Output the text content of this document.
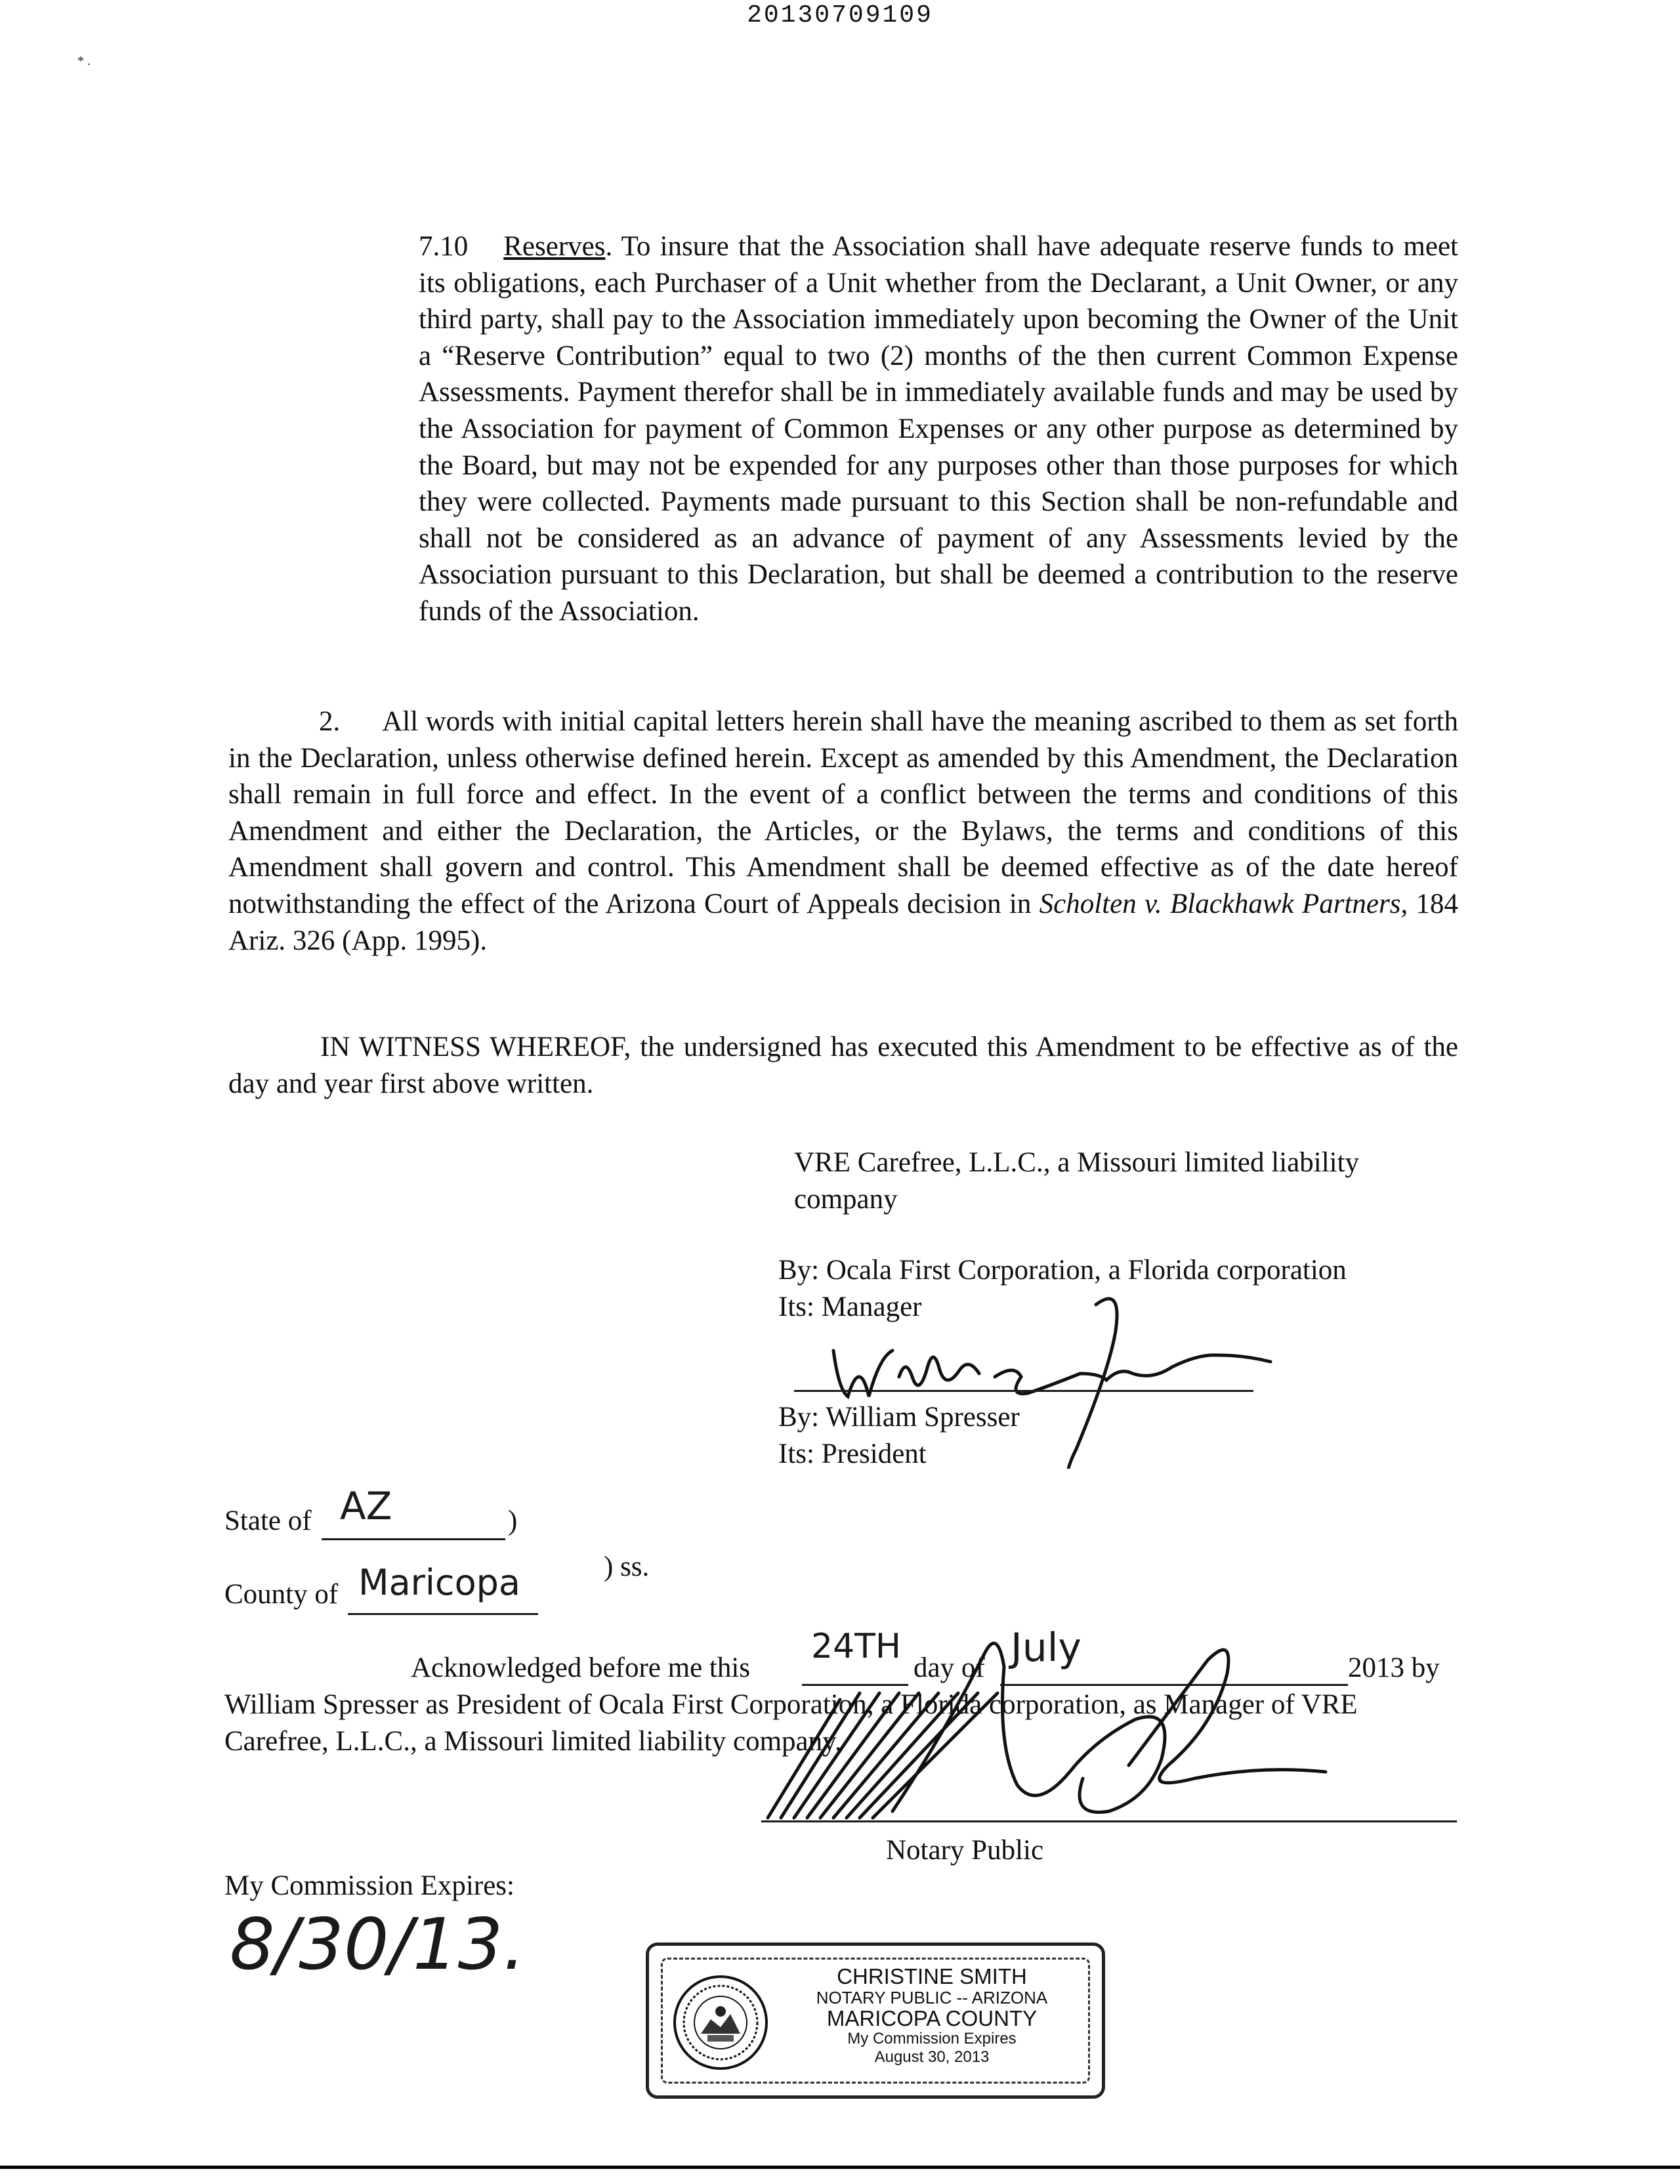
20130709109
* .
7.10 Reserves. To insure that the Association shall have adequate reserve funds to meet its obligations, each Purchaser of a Unit whether from the Declarant, a Unit Owner, or any third party, shall pay to the Association immediately upon becoming the Owner of the Unit a “Reserve Contribution” equal to two (2) months of the then current Common Expense Assessments. Payment therefor shall be in immediately available funds and may be used by the Association for payment of Common Expenses or any other purpose as determined by the Board, but may not be expended for any purposes other than those purposes for which they were collected. Payments made pursuant to this Section shall be non-refundable and shall not be considered as an advance of payment of any Assessments levied by the Association pursuant to this Declaration, but shall be deemed a contribution to the reserve funds of the Association.
2. All words with initial capital letters herein shall have the meaning ascribed to them as set forth in the Declaration, unless otherwise defined herein. Except as amended by this Amendment, the Declaration shall remain in full force and effect. In the event of a conflict between the terms and conditions of this Amendment and either the Declaration, the Articles, or the Bylaws, the terms and conditions of this Amendment shall govern and control. This Amendment shall be deemed effective as of the date hereof notwithstanding the effect of the Arizona Court of Appeals decision in Scholten v. Blackhawk Partners, 184 Ariz. 326 (App. 1995).
IN WITNESS WHEREOF, the undersigned has executed this Amendment to be effective as of the day and year first above written.
VRE Carefree, L.L.C., a Missouri limited liability
company
By: Ocala First Corporation, a Florida corporation
Its: Manager
By: William Spresser
Its: President
State of AZ	)
) ss.
County of Maricopa
Acknowledged before me this
24TH
day of July	2013 by
William Spresser as President of Ocala First Corporation, a Florida corporation, as Manager of VRE
Carefree, L.L.C., a Missouri limited liability company.
Notary Public
My Commission Expires:
8/30/13.	CHRISTINE SMITH
NOTARY PUBLIC -- ARIZONA
MARICOPA COUNTY
My Commission Expires
August 30, 2013
